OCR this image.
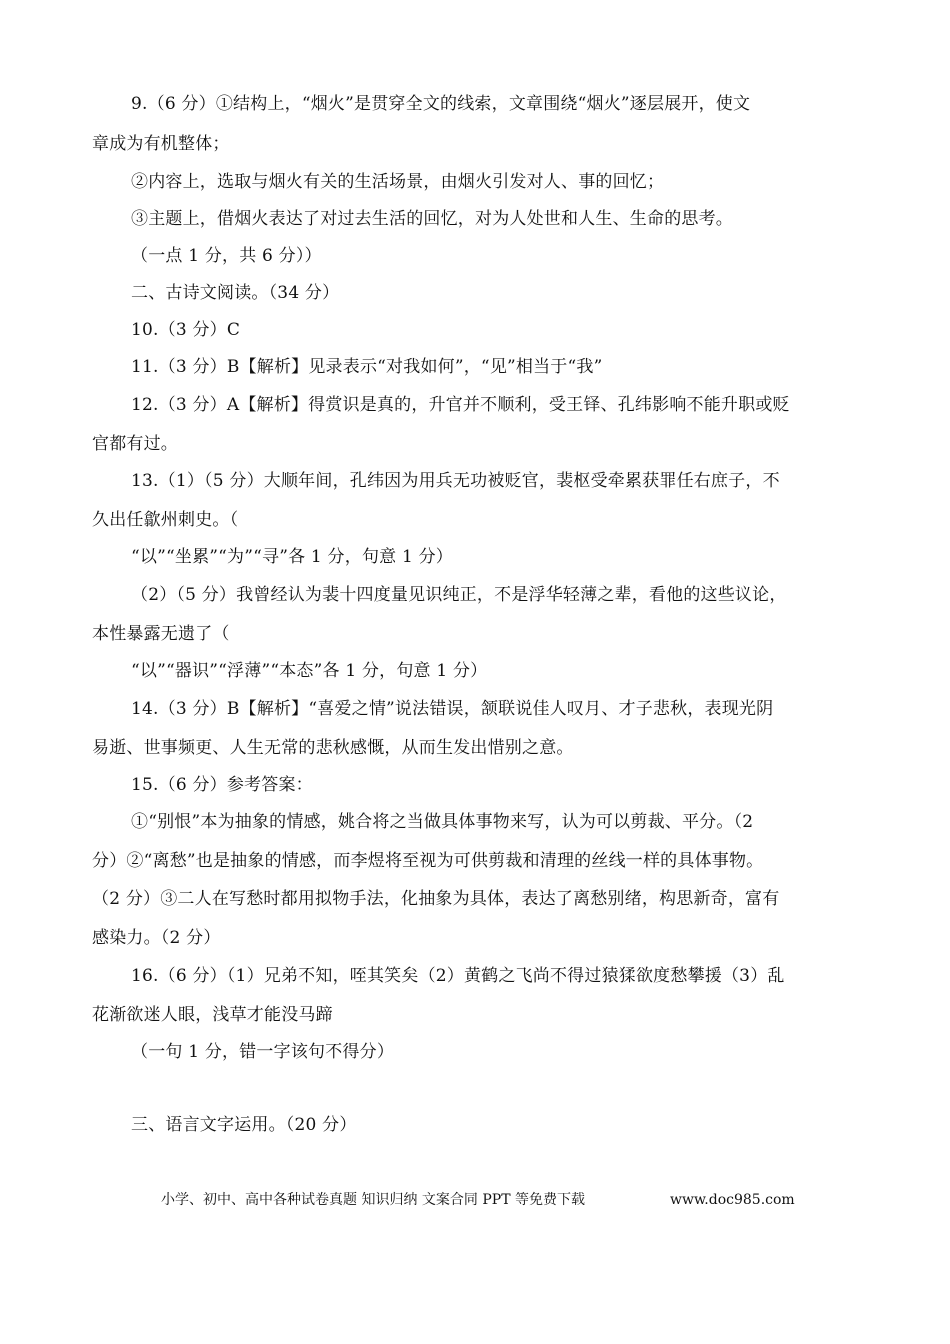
9.（6 分）①结构上，“烟火”是贯穿全文的线索，文章围绕“烟火”逐层展开，使文
章成为有机整体；
②内容上，选取与烟火有关的生活场景，由烟火引发对人、事的回忆；
③主题上，借烟火表达了对过去生活的回忆，对为人处世和人生、生命的思考。
（一点 1 分，共 6 分））
二、古诗文阅读。（34 分）
10.（3 分）C
11.（3 分）B【解析】见录表示“对我如何”，“见”相当于“我”
12.（3 分）A【解析】得赏识是真的，升官并不顺利，受王铎、孔纬影响不能升职或贬
官都有过。
13.（1）（5 分）大顺年间，孔纬因为用兵无功被贬官，裴枢受牵累获罪任右庶子，不
久出任歙州刺史。（
“以”“坐累”“为”“寻”各 1 分，句意 1 分）
（2）（5 分）我曾经认为裴十四度量见识纯正，不是浮华轻薄之辈，看他的这些议论，
本性暴露无遗了（
“以”“器识”“浮薄”“本态”各 1 分，句意 1 分）
14.（3 分）B【解析】“喜爱之情”说法错误，颔联说佳人叹月、才子悲秋，表现光阴
易逝、世事频更、人生无常的悲秋感慨，从而生发出惜别之意。
15.（6 分）参考答案：
①“别恨”本为抽象的情感，姚合将之当做具体事物来写，认为可以剪裁、平分。（2
分）②“离愁”也是抽象的情感，而李煜将至视为可供剪裁和清理的丝线一样的具体事物。
（2 分）③二人在写愁时都用拟物手法，化抽象为具体，表达了离愁别绪，构思新奇，富有
感染力。（2 分）
16.（6 分）（1）兄弟不知，咥其笑矣（2）黄鹤之飞尚不得过猿猱欲度愁攀援（3）乱
花渐欲迷人眼，浅草才能没马蹄
（一句 1 分，错一字该句不得分）
三、语言文字运用。（20 分）
小学、初中、高中各种试卷真题 知识归纳 文案合同 PPT 等免费下载	www.doc985.com
